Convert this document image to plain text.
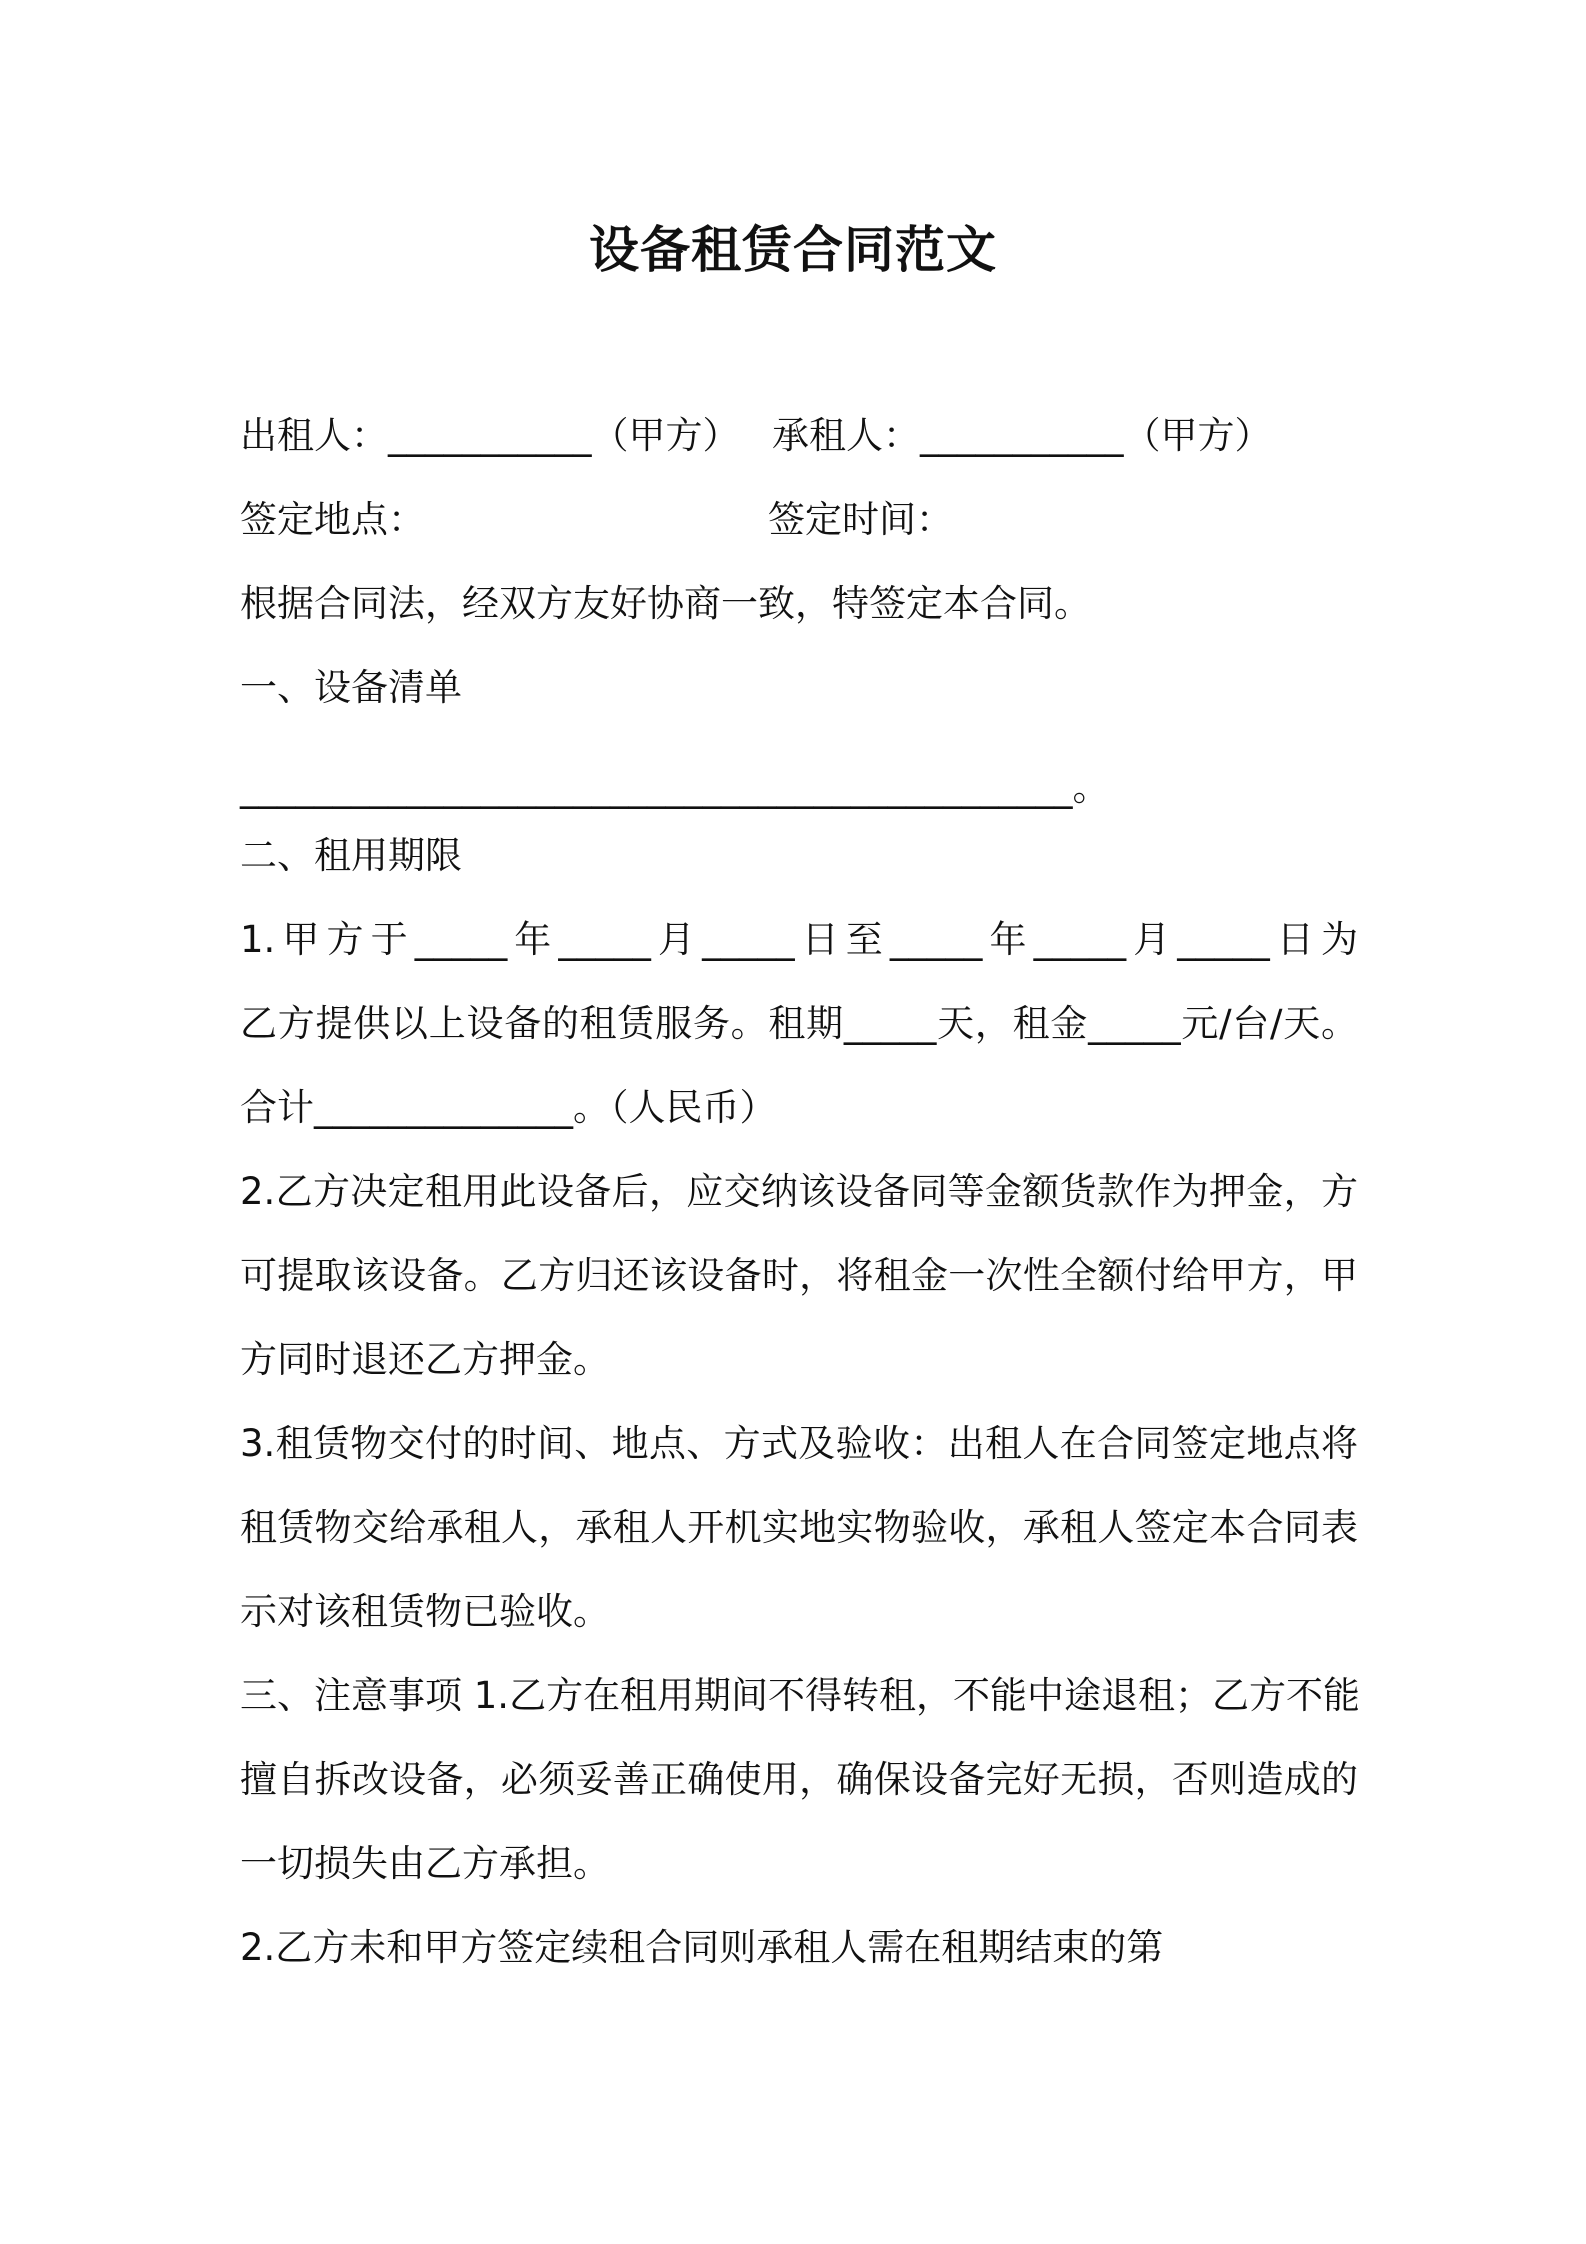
设备租赁合同范文
出租人：___________（甲方） 承租人：___________（甲方）
签定地点：	签定时间：
根据合同法，经双方友好协商一致，特签定本合同。
一、设备清单
_____________________________________________。
二、租用期限
1.甲方于_____年_____月_____日至_____年_____月_____日为
乙方提供以上设备的租赁服务。租期_____天，租金_____元/台/天。
合计______________。（人民币）
2.乙方决定租用此设备后，应交纳该设备同等金额货款作为押金，方
可提取该设备。乙方归还该设备时，将租金一次性全额付给甲方，甲
方同时退还乙方押金。
3.租赁物交付的时间、地点、方式及验收：出租人在合同签定地点将
租赁物交给承租人，承租人开机实地实物验收，承租人签定本合同表
示对该租赁物已验收。
三、注意事项 1.乙方在租用期间不得转租，不能中途退租；乙方不能
擅自拆改设备，必须妥善正确使用，确保设备完好无损，否则造成的
一切损失由乙方承担。
2.乙方未和甲方签定续租合同则承租人需在租期结束的第
